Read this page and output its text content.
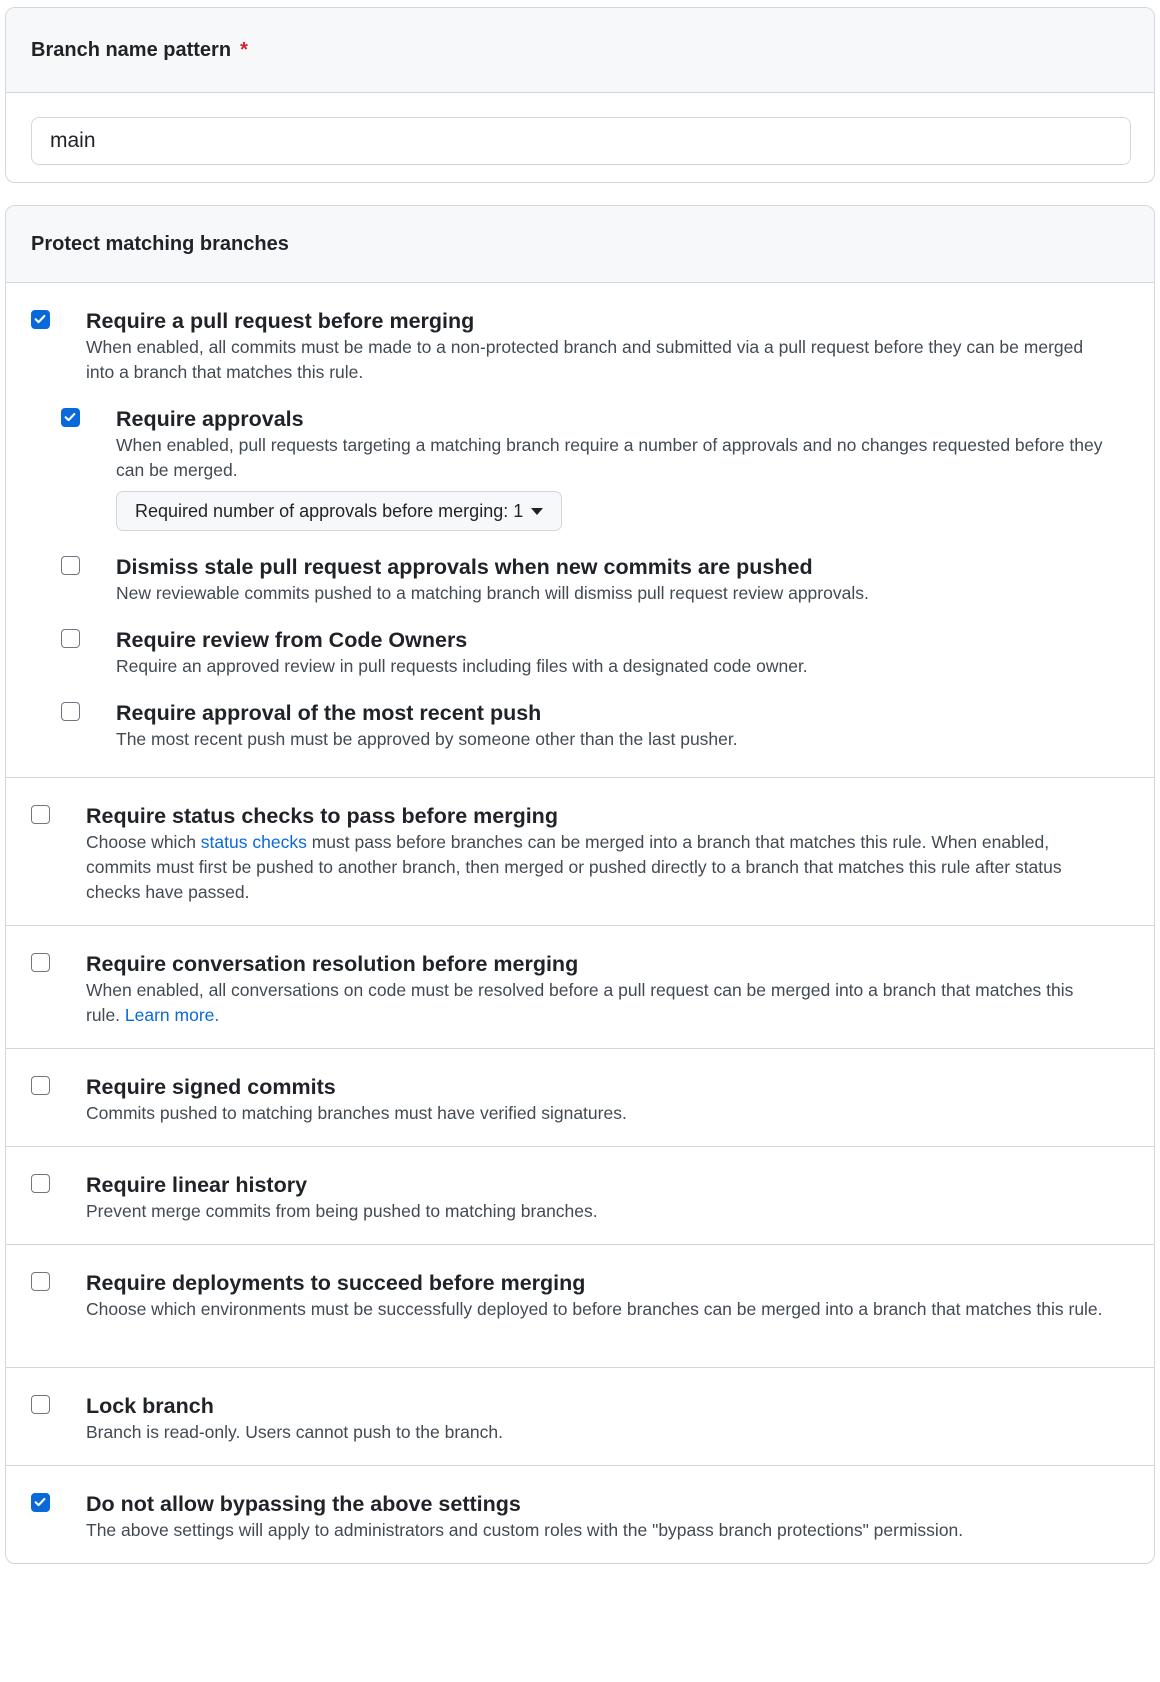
Branch name pattern *
main
Protect matching branches
Require a pull request before merging
When enabled, all commits must be made to a non-protected branch and submitted via a pull request before they can be merged into a branch that matches this rule.
Require approvals
When enabled, pull requests targeting a matching branch require a number of approvals and no changes requested before they can be merged.
Required number of approvals before merging:
1
Dismiss stale pull request approvals when new commits are pushed
New reviewable commits pushed to a matching branch will dismiss pull request review approvals.
Require review from Code Owners
Require an approved review in pull requests including files with a designated code owner.
Require approval of the most recent push
The most recent push must be approved by someone other than the last pusher.
Require status checks to pass before merging
Choose which status checks must pass before branches can be merged into a branch that matches this rule. When enabled, commits must first be pushed to another branch, then merged or pushed directly to a branch that matches this rule after status checks have passed.
Require conversation resolution before merging
When enabled, all conversations on code must be resolved before a pull request can be merged into a branch that matches this rule. Learn more.
Require signed commits
Commits pushed to matching branches must have verified signatures.
Require linear history
Prevent merge commits from being pushed to matching branches.
Require deployments to succeed before merging
Choose which environments must be successfully deployed to before branches can be merged into a branch that matches this rule.
Lock branch
Branch is read-only. Users cannot push to the branch.
Do not allow bypassing the above settings
The above settings will apply to administrators and custom roles with the "bypass branch protections" permission.
